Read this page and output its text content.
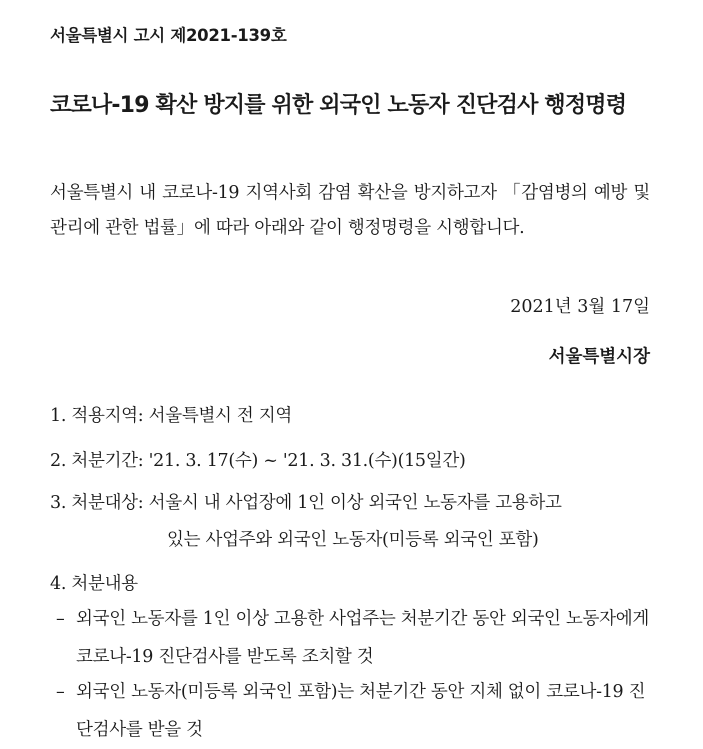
서울특별시 고시 제2021-139호
코로나-19 확산 방지를 위한 외국인 노동자 진단검사 행정명령
서울특별시 내 코로나-19 지역사회 감염 확산을 방지하고자 「감염병의 예방 및 관리에 관한 법률」에 따라 아래와 같이 행정명령을 시행합니다.
2021년 3월 17일
서울특별시장
1. 적용지역: 서울특별시 전 지역
2. 처분기간: '21. 3. 17(수) ~ '21. 3. 31.(수)(15일간)
3. 처분대상: 서울시 내 사업장에 1인 이상 외국인 노동자를 고용하고
있는 사업주와 외국인 노동자(미등록 외국인 포함)
4. 처분내용
– 외국인 노동자를 1인 이상 고용한 사업주는 처분기간 동안 외국인 노동자에게 코로나-19 진단검사를 받도록 조치할 것
– 외국인 노동자(미등록 외국인 포함)는 처분기간 동안 지체 없이 코로나-19 진단검사를 받을 것
